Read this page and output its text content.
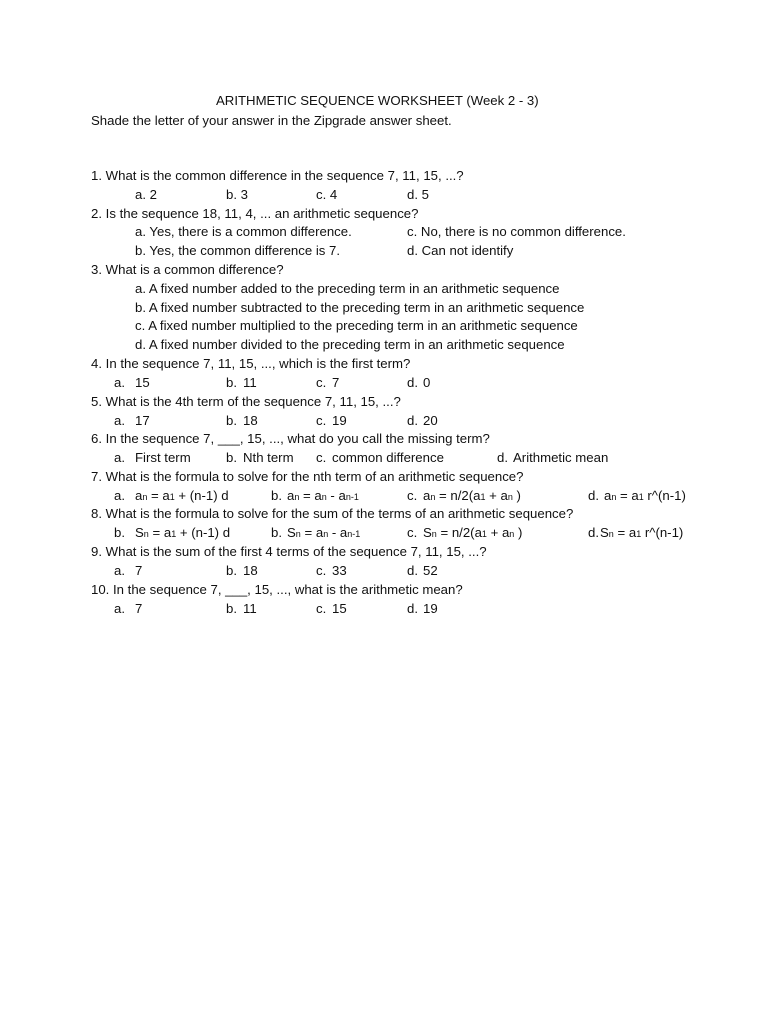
ARITHMETIC SEQUENCE WORKSHEET (Week 2 - 3)
Shade the letter of your answer in the Zipgrade answer sheet.
1. What is the common difference in the sequence 7, 11, 15, ...?
a. 2	b. 3	c. 4	d. 5
2. Is the sequence 18, 11, 4, ... an arithmetic sequence?
a. Yes, there is a common difference.	c. No, there is no common difference.
b. Yes, the common difference is 7.	d. Can not identify
3. What is a common difference?
a. A fixed number added to the preceding term in an arithmetic sequence
b. A fixed number subtracted to the preceding term in an arithmetic sequence
c. A fixed number multiplied to the preceding term in an arithmetic sequence
d. A fixed number divided to the preceding term in an arithmetic sequence
4. In the sequence 7, 11, 15, ..., which is the first term?
a. 15	b. 11	c. 7	d. 0
5. What is the 4th term of the sequence 7, 11, 15, ...?
a. 17	b. 18	c. 19	d. 20
6. In the sequence 7, ___, 15, ..., what do you call the missing term?
a. First term	b. Nth term c. common difference	d. Arithmetic mean
7. What is the formula to solve for the nth term of an arithmetic sequence?
a. an = a1 + (n-1) d	b. an = an - an-1	c. an = n/2(a1 + an )	d. an = a1 r^(n-1)
8. What is the formula to solve for the sum of the terms of an arithmetic sequence?
b. Sn = a1 + (n-1) d	b. Sn = an - an-1	c. Sn = n/2(a1 + an )	d. Sn = a1 r^(n-1)
9. What is the sum of the first 4 terms of the sequence 7, 11, 15, ...?
a. 7	b. 18	c. 33	d. 52
10. In the sequence 7, ___, 15, ..., what is the arithmetic mean?
a. 7	b. 11	c. 15	d. 19
